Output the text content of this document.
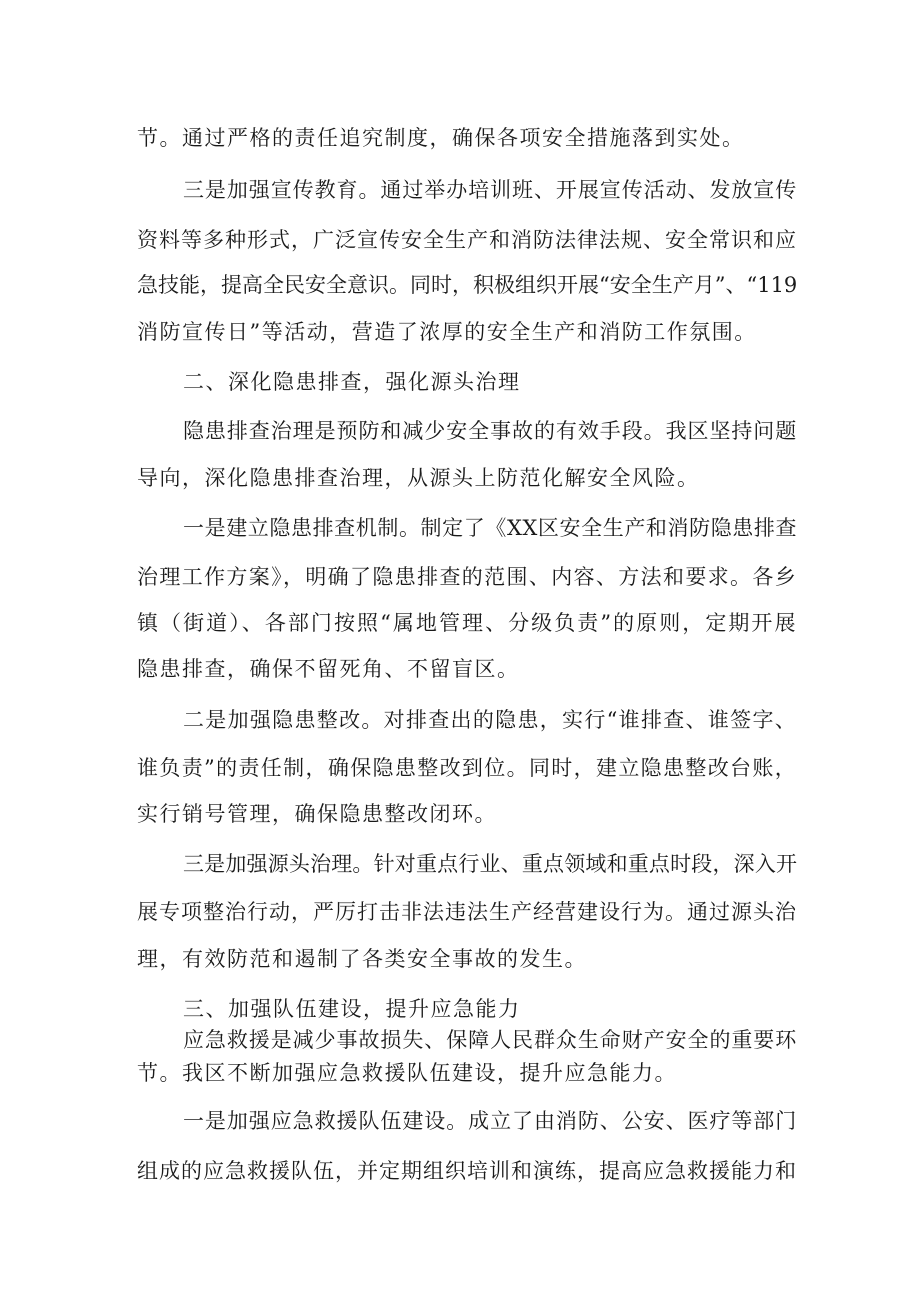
节。通过严格的责任追究制度，确保各项安全措施落到实处。

三是加强宣传教育。通过举办培训班、开展宣传活动、发放宣传

资料等多种形式，广泛宣传安全生产和消防法律法规、安全常识和应

急技能，提高全民安全意识。同时，积极组织开展“安全生产月”、“119

消防宣传日”等活动，营造了浓厚的安全生产和消防工作氛围。

二、深化隐患排查，强化源头治理

隐患排查治理是预防和减少安全事故的有效手段。我区坚持问题

导向，深化隐患排查治理，从源头上防范化解安全风险。

一是建立隐患排查机制。制定了《XX区安全生产和消防隐患排查

治理工作方案》，明确了隐患排查的范围、内容、方法和要求。各乡

镇（街道）、各部门按照“属地管理、分级负责”的原则，定期开展

隐患排查，确保不留死角、不留盲区。

二是加强隐患整改。对排查出的隐患，实行“谁排查、谁签字、

谁负责”的责任制，确保隐患整改到位。同时，建立隐患整改台账，

实行销号管理，确保隐患整改闭环。

三是加强源头治理。针对重点行业、重点领域和重点时段，深入开

展专项整治行动，严厉打击非法违法生产经营建设行为。通过源头治

理，有效防范和遏制了各类安全事故的发生。

三、加强队伍建设，提升应急能力

应急救援是减少事故损失、保障人民群众生命财产安全的重要环

节。我区不断加强应急救援队伍建设，提升应急能力。

一是加强应急救援队伍建设。成立了由消防、公安、医疗等部门

组成的应急救援队伍，并定期组织培训和演练，提高应急救援能力和
